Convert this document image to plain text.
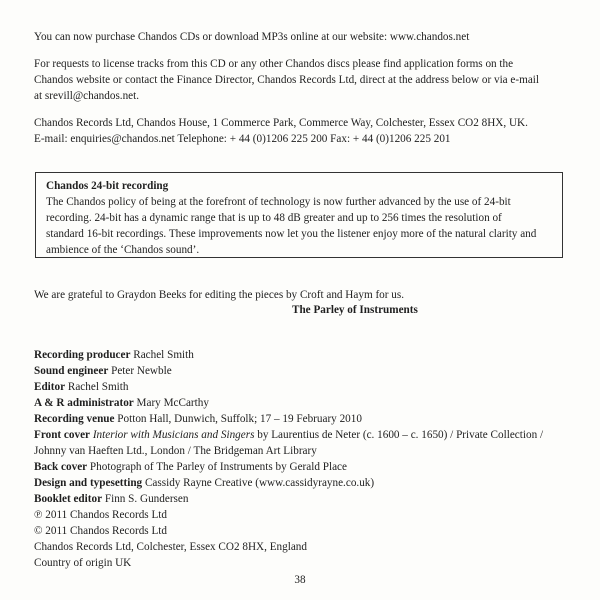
You can now purchase Chandos CDs or download MP3s online at our website: www.chandos.net

For requests to license tracks from this CD or any other Chandos discs please find application forms on the
Chandos website or contact the Finance Director, Chandos Records Ltd, direct at the address below or via e-mail
at srevill@chandos.net.

Chandos Records Ltd, Chandos House, 1 Commerce Park, Commerce Way, Colchester, Essex CO2 8HX, UK.
E-mail: enquiries@chandos.net Telephone: + 44 (0)1206 225 200 Fax: + 44 (0)1206 225 201

Chandos 24-bit recording
The Chandos policy of being at the forefront of technology is now further advanced by the use of 24-bit
recording. 24-bit has a dynamic range that is up to 48 dB greater and up to 256 times the resolution of
standard 16-bit recordings. These improvements now let you the listener enjoy more of the natural clarity and
ambience of the ‘Chandos sound’.

We are grateful to Graydon Beeks for editing the pieces by Croft and Haym for us.

The Parley of Instruments
Recording producer Rachel Smith
Sound engineer Peter Newble
Editor Rachel Smith
A & R administrator Mary McCarthy
Recording venue Potton Hall, Dunwich, Suffolk; 17 – 19 February 2010
Front cover Interior with Musicians and Singers by Laurentius de Neter (c. 1600 – c. 1650) / Private Collection /
Johnny van Haeften Ltd., London / The Bridgeman Art Library
Back cover Photograph of The Parley of Instruments by Gerald Place
Design and typesetting Cassidy Rayne Creative (www.cassidyrayne.co.uk)
Booklet editor Finn S. Gundersen
℗ 2011 Chandos Records Ltd
© 2011 Chandos Records Ltd
Chandos Records Ltd, Colchester, Essex CO2 8HX, England
Country of origin UK
38
